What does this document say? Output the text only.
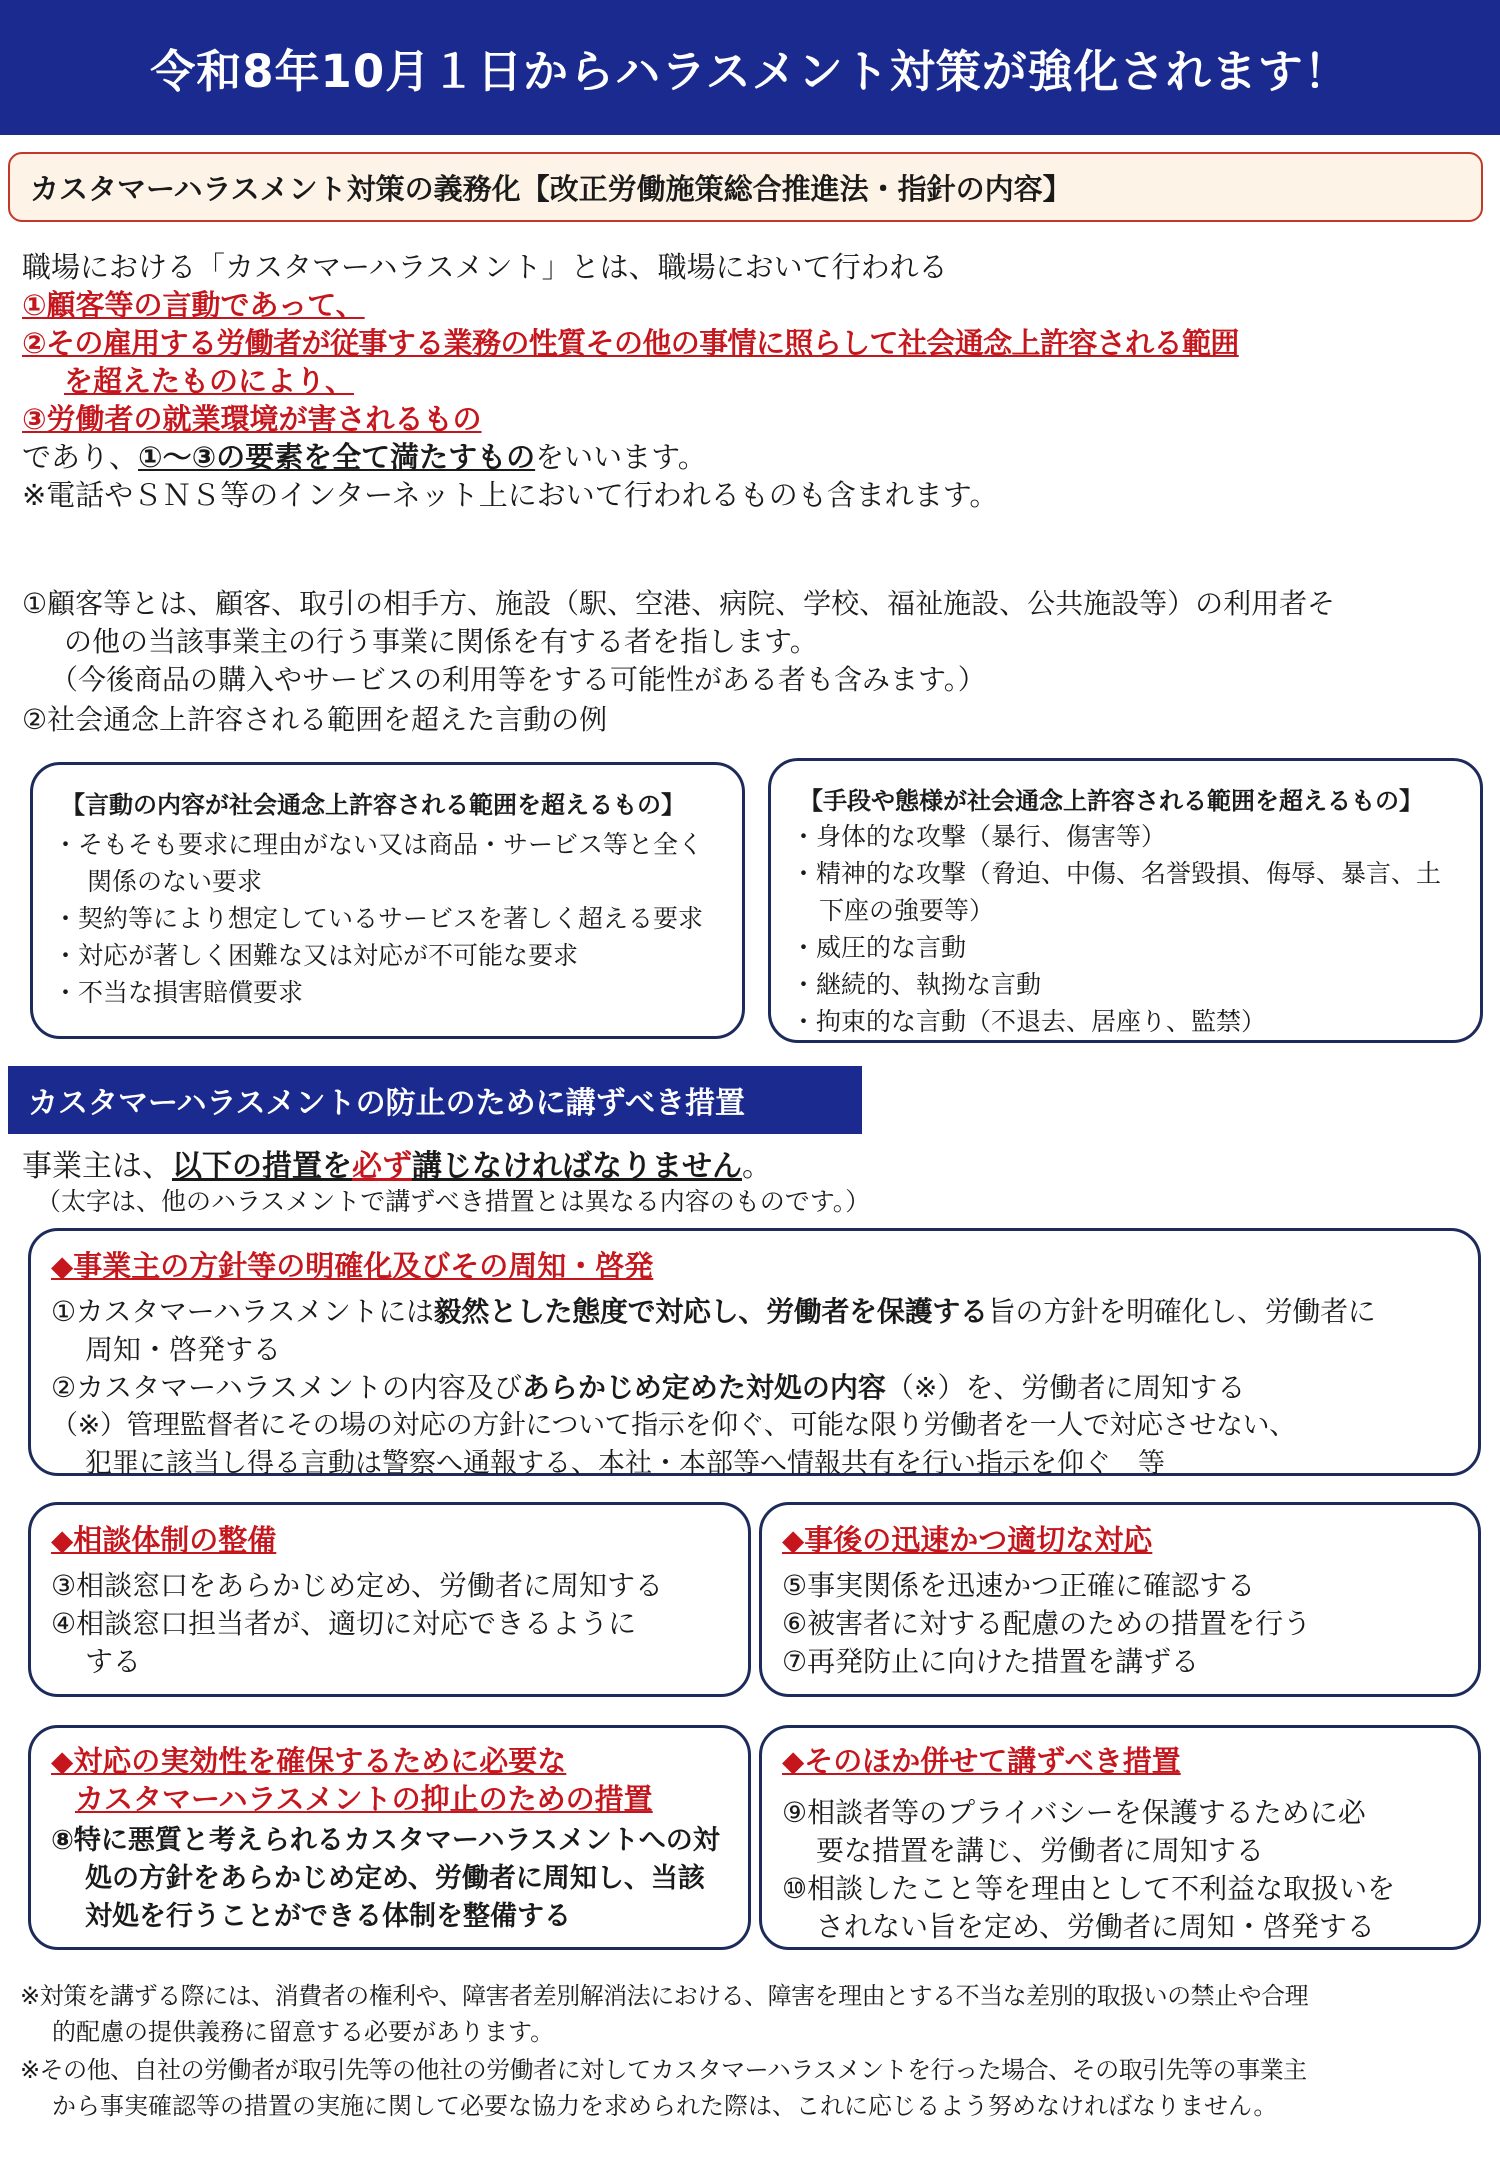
令和8年10月１日からハラスメント対策が強化されます！
カスタマーハラスメント対策の義務化【改正労働施策総合推進法・指針の内容】
職場における「カスタマーハラスメント」とは、職場において行われる
①顧客等の言動であって、
②その雇用する労働者が従事する業務の性質その他の事情に照らして社会通念上許容される範囲
を超えたものにより、
③労働者の就業環境が害されるもの
であり、①～③の要素を全て満たすものをいいます。
※電話やＳＮＳ等のインターネット上において行われるものも含まれます。
①顧客等とは、顧客、取引の相手方、施設（駅、空港、病院、学校、福祉施設、公共施設等）の利用者そ
の他の当該事業主の行う事業に関係を有する者を指します。
（今後商品の購入やサービスの利用等をする可能性がある者も含みます。）
②社会通念上許容される範囲を超えた言動の例
【言動の内容が社会通念上許容される範囲を超えるもの】
・そもそも要求に理由がない又は商品・サービス等と全く
関係のない要求
・契約等により想定しているサービスを著しく超える要求
・対応が著しく困難な又は対応が不可能な要求
・不当な損害賠償要求
【手段や態様が社会通念上許容される範囲を超えるもの】
・身体的な攻撃（暴行、傷害等）
・精神的な攻撃（脅迫、中傷、名誉毀損、侮辱、暴言、土
下座の強要等）
・威圧的な言動
・継続的、執拗な言動
・拘束的な言動（不退去、居座り、監禁）
カスタマーハラスメントの防止のために講ずべき措置
事業主は、以下の措置を必ず講じなければなりません。
（太字は、他のハラスメントで講ずべき措置とは異なる内容のものです。）
◆事業主の方針等の明確化及びその周知・啓発
①カスタマーハラスメントには毅然とした態度で対応し、労働者を保護する旨の方針を明確化し、労働者に
周知・啓発する
②カスタマーハラスメントの内容及びあらかじめ定めた対処の内容（※）を、労働者に周知する
（※）管理監督者にその場の対応の方針について指示を仰ぐ、可能な限り労働者を一人で対応させない、
犯罪に該当し得る言動は警察へ通報する、本社・本部等へ情報共有を行い指示を仰ぐ　等
◆相談体制の整備
③相談窓口をあらかじめ定め、労働者に周知する
④相談窓口担当者が、適切に対応できるように
する
◆事後の迅速かつ適切な対応
⑤事実関係を迅速かつ正確に確認する
⑥被害者に対する配慮のための措置を行う
⑦再発防止に向けた措置を講ずる
◆対応の実効性を確保するために必要な
カスタマーハラスメントの抑止のための措置
⑧特に悪質と考えられるカスタマーハラスメントへの対
処の方針をあらかじめ定め、労働者に周知し、当該
対処を行うことができる体制を整備する
◆そのほか併せて講ずべき措置
⑨相談者等のプライバシーを保護するために必
要な措置を講じ、労働者に周知する
⑩相談したこと等を理由として不利益な取扱いを
されない旨を定め、労働者に周知・啓発する
※対策を講ずる際には、消費者の権利や、障害者差別解消法における、障害を理由とする不当な差別的取扱いの禁止や合理
的配慮の提供義務に留意する必要があります。
※その他、自社の労働者が取引先等の他社の労働者に対してカスタマーハラスメントを行った場合、その取引先等の事業主
から事実確認等の措置の実施に関して必要な協力を求められた際は、これに応じるよう努めなければなりません。
